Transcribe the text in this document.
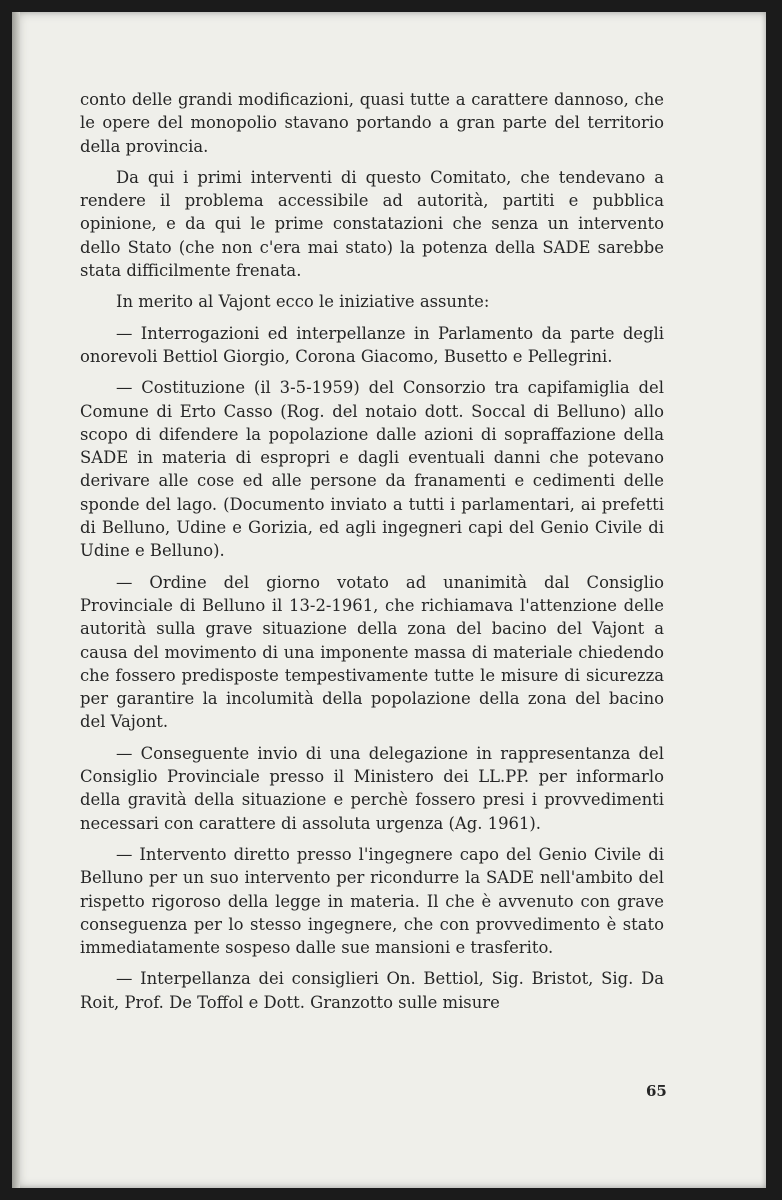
conto delle grandi modificazioni, quasi tutte a carattere dannoso, che le opere del monopolio stavano portando a gran parte del territorio della provincia.

Da qui i primi interventi di questo Comitato, che tendevano a rendere il problema accessibile ad autorità, partiti e pubblica opinione, e da qui le prime constatazioni che senza un intervento dello Stato (che non c'era mai stato) la potenza della SADE sarebbe stata difficilmente frenata.

In merito al Vajont ecco le iniziative assunte:

— Interrogazioni ed interpellanze in Parlamento da parte degli onorevoli Bettiol Giorgio, Corona Giacomo, Busetto e Pellegrini.

— Costituzione (il 3-5-1959) del Consorzio tra capifamiglia del Comune di Erto Casso (Rog. del notaio dott. Soccal di Belluno) allo scopo di difendere la popolazione dalle azioni di sopraffazione della SADE in materia di espropri e dagli eventuali danni che potevano derivare alle cose ed alle persone da franamenti e cedimenti delle sponde del lago. (Documento inviato a tutti i parlamentari, ai prefetti di Belluno, Udine e Gorizia, ed agli ingegneri capi del Genio Civile di Udine e Belluno).

— Ordine del giorno votato ad unanimità dal Consiglio Provinciale di Belluno il 13-2-1961, che richiamava l'attenzione delle autorità sulla grave situazione della zona del bacino del Vajont a causa del movimento di una imponente massa di materiale chiedendo che fossero predisposte tempestivamente tutte le misure di sicurezza per garantire la incolumità della popolazione della zona del bacino del Vajont.

— Conseguente invio di una delegazione in rappresentanza del Consiglio Provinciale presso il Ministero dei LL.PP. per informarlo della gravità della situazione e perchè fossero presi i provvedimenti necessari con carattere di assoluta urgenza (Ag. 1961).

— Intervento diretto presso l'ingegnere capo del Genio Civile di Belluno per un suo intervento per ricondurre la SADE nell'ambito del rispetto rigoroso della legge in materia. Il che è avvenuto con grave conseguenza per lo stesso ingegnere, che con provvedimento è stato immediatamente sospeso dalle sue mansioni e trasferito.

— Interpellanza dei consiglieri On. Bettiol, Sig. Bristot, Sig. Da Roit, Prof. De Toffol e Dott. Granzotto sulle misure

65
